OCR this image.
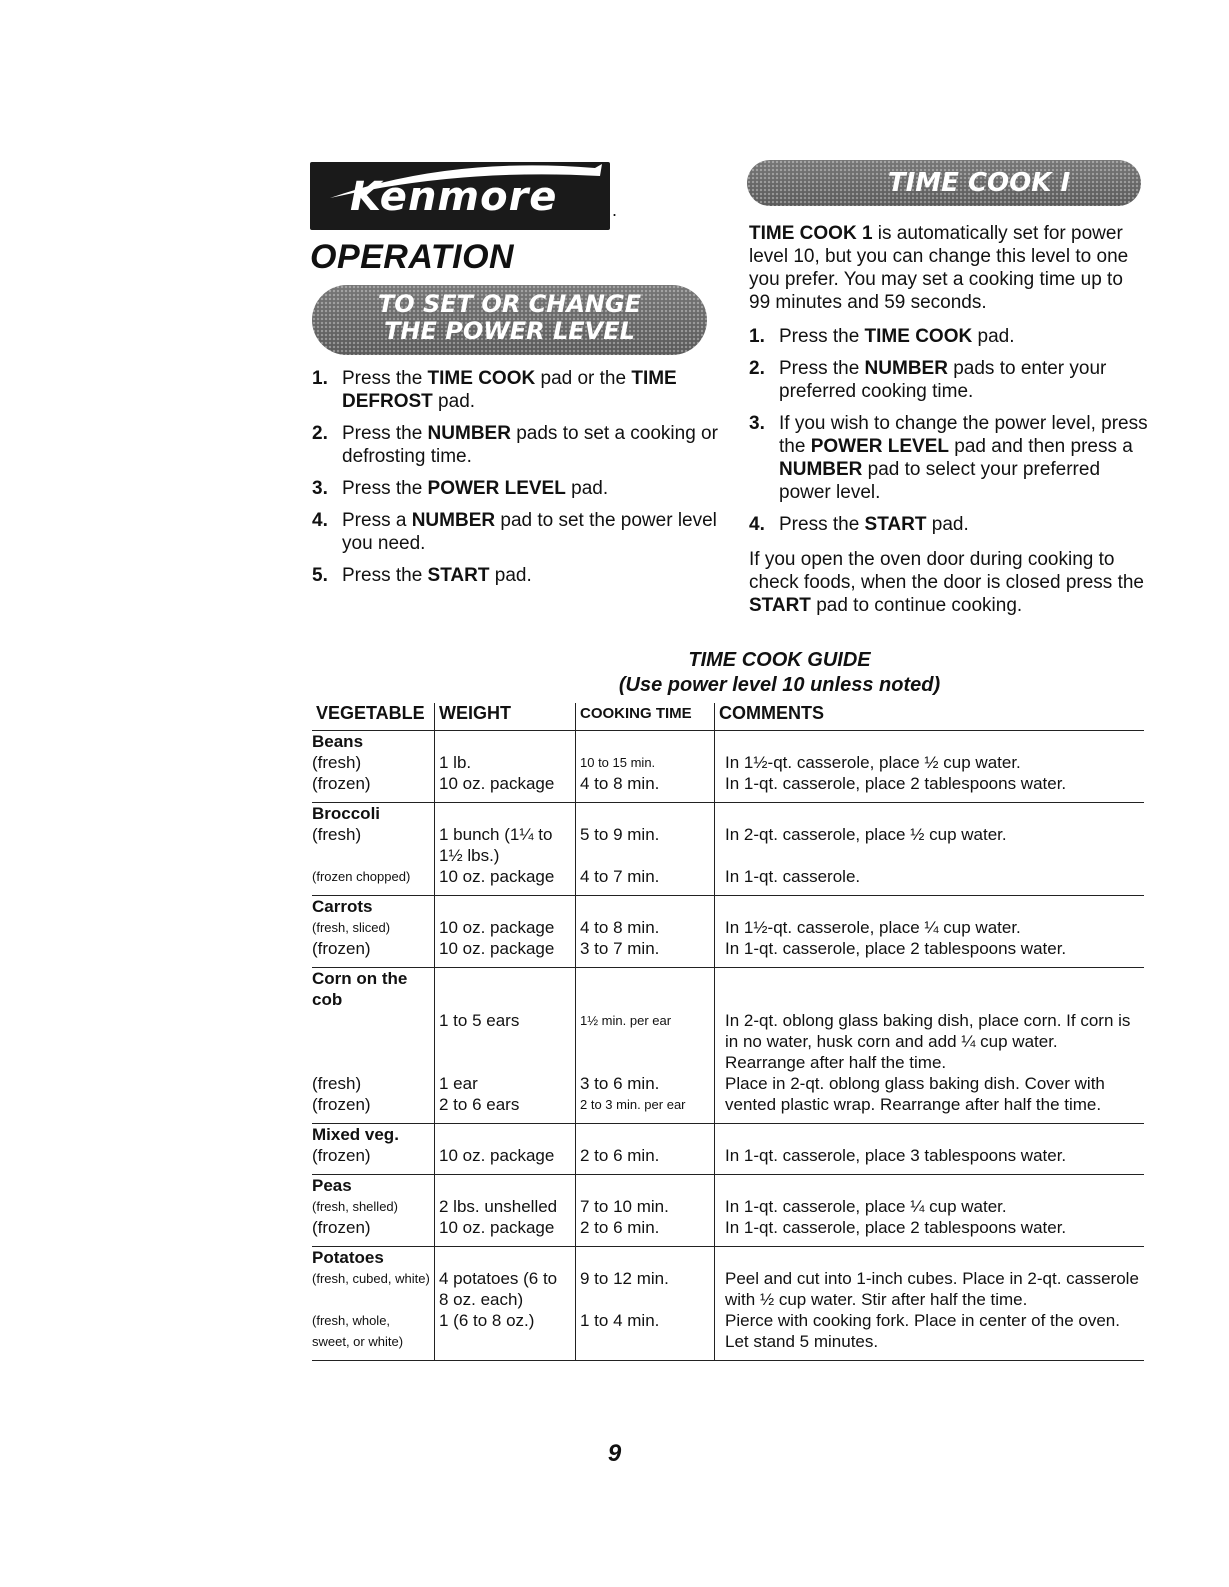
Kenmore	.
OPERATION
TO SET OR CHANGE
THE POWER LEVEL
1. Press the TIME COOK pad or the TIME DEFROST pad.
2. Press the NUMBER pads to set a cooking or defrosting time.
3. Press the POWER LEVEL pad.
4. Press a NUMBER pad to set the power level you need.
5. Press the START pad.
TIME COOK I
TIME COOK 1 is automatically set for power level 10, but you can change this level to one you prefer. You may set a cooking time up to 99 minutes and 59 seconds.
1. Press the TIME COOK pad.
2. Press the NUMBER pads to enter your preferred cooking time.
3. If you wish to change the power level, press the POWER LEVEL pad and then press a NUMBER pad to select your preferred power level.
4. Press the START pad.
If you open the oven door during cooking to check foods, when the door is closed press the START pad to continue cooking.
TIME COOK GUIDE
(Use power level 10 unless noted)
VEGETABLE	WEIGHT	COOKING TIME	COMMENTS

Beans			

(fresh)	1 lb.	10 to 15 min.	In 1½-qt. casserole, place ½ cup water.

(frozen)	10 oz. package	4 to 8 min.	In 1-qt. casserole, place 2 tablespoons water.

Broccoli			

(fresh)	1 bunch (1¼ to 1½ lbs.)	5 to 9 min.	In 2-qt. casserole, place ½ cup water.

(frozen chopped)	10 oz. package	4 to 7 min.	In 1-qt. casserole.

Carrots			

(fresh, sliced)	10 oz. package	4 to 8 min.	In 1½-qt. casserole, place ¼ cup water.

(frozen)	10 oz. package	3 to 7 min.	In 1-qt. casserole, place 2 tablespoons water.

Corn on the cob			

	1 to 5 ears	1½ min. per ear	In 2-qt. oblong glass baking dish, place corn. If corn is in no water, husk corn and add ¼ cup water. Rearrange after half the time.

(fresh)	1 ear	3 to 6 min.	Place in 2-qt. oblong glass baking dish. Cover with

(frozen)	2 to 6 ears	2 to 3 min. per ear	vented plastic wrap. Rearrange after half the time.

Mixed veg.			

(frozen)	10 oz. package	2 to 6 min.	In 1-qt. casserole, place 3 tablespoons water.

Peas			

(fresh, shelled)	2 lbs. unshelled	7 to 10 min.	In 1-qt. casserole, place ¼ cup water.

(frozen)	10 oz. package	2 to 6 min.	In 1-qt. casserole, place 2 tablespoons water.

Potatoes			

(fresh, cubed, white)	4 potatoes (6 to 8 oz. each)	9 to 12 min.	Peel and cut into 1-inch cubes. Place in 2-qt. casserole with ½ cup water. Stir after half the time.

(fresh, whole, sweet, or white)	1 (6 to 8 oz.)	1 to 4 min.	Pierce with cooking fork. Place in center of the oven. Let stand 5 minutes.
9
